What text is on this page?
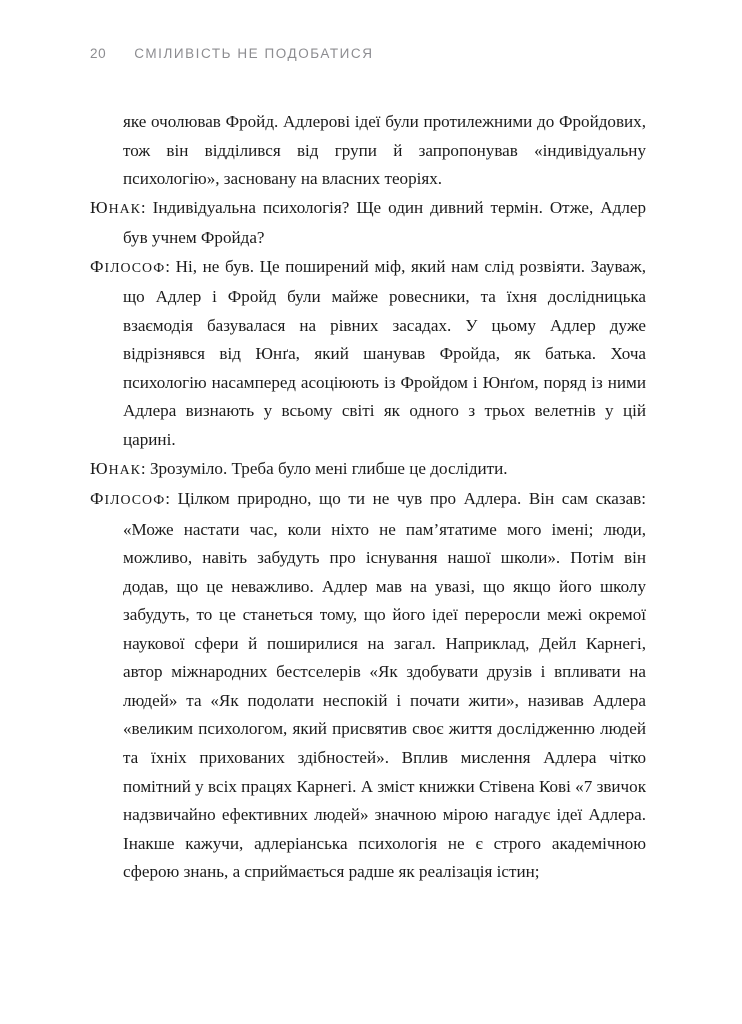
20 СМІЛИВІСТЬ НЕ ПОДОБАТИСЯ

яке очолював Фройд. Адлерові ідеї були протилежними до Фройдових, тож він відділився від групи й запропонував «індивідуальну психологію», засновану на власних теоріях.

ЮНАК: Індивідуальна психологія? Ще один дивний термін. Отже, Адлер був учнем Фройда?

ФІЛОСОФ: Ні, не був. Це поширений міф, який нам слід розвіяти. Зауваж, що Адлер і Фройд були майже ровесники, та їхня дослідницька взаємодія базувалася на рівних засадах. У цьому Адлер дуже відрізнявся від Юнґа, який шанував Фройда, як батька. Хоча психологію насамперед асоціюють із Фройдом і Юнґом, поряд із ними Адлера визнають у всьому світі як одного з трьох велетнів у цій царині.

ЮНАК: Зрозуміло. Треба було мені глибше це дослідити.

ФІЛОСОФ: Цілком природно, що ти не чув про Адлера. Він сам сказав: «Може настати час, коли ніхто не пам’ятатиме мого імені; люди, можливо, навіть забудуть про існування нашої школи». Потім він додав, що це неважливо. Адлер мав на увазі, що якщо його школу забудуть, то це станеться тому, що його ідеї переросли межі окремої наукової сфери й поширилися на загал. Наприклад, Дейл Карнегі, автор міжнародних бестселерів «Як здобувати друзів і впливати на людей» та «Як подолати неспокій і почати жити», називав Адлера «великим психологом, який присвятив своє життя дослідженню людей та їхніх прихованих здібностей». Вплив мислення Адлера чітко помітний у всіх працях Карнегі. А зміст книжки Стівена Кові «7 звичок надзвичайно ефективних людей» значною мірою нагадує ідеї Адлера. Інакше кажучи, адлеріанська психологія не є строго академічною сферою знань, а сприймається радше як реалізація істин;
